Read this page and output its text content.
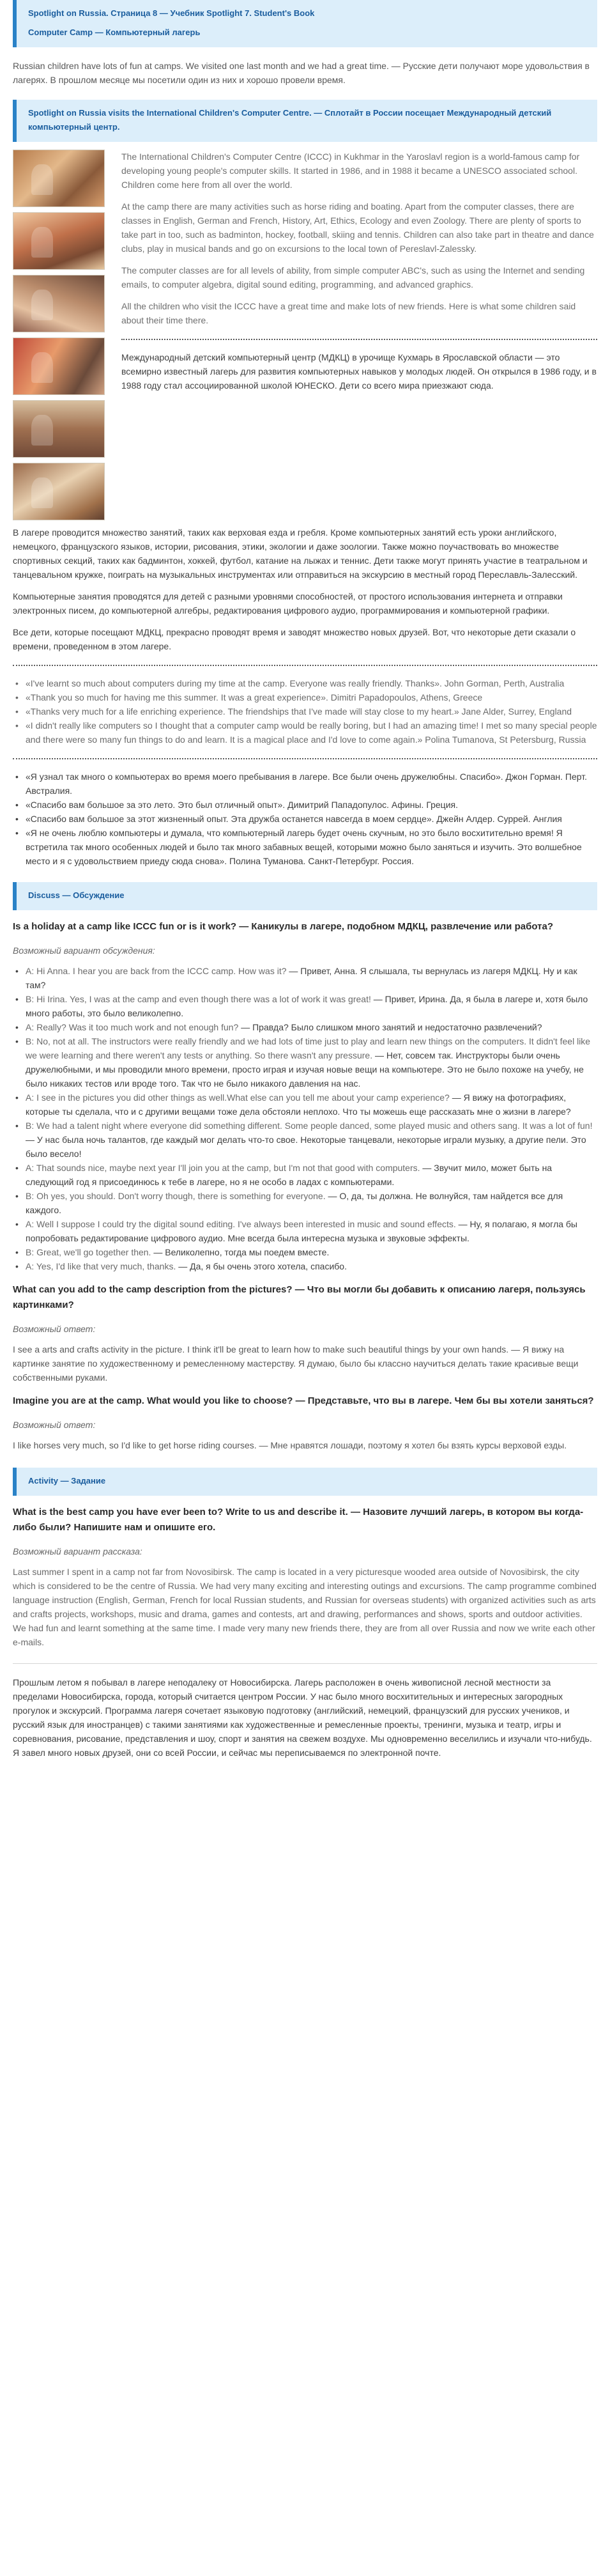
Spotlight on Russia. Страница 8 — Учебник Spotlight 7. Student's Book
Computer Camp — Компьютерный лагерь

Russian children have lots of fun at camps. We visited one last month and we had a great time. — Русские дети получают море удовольствия в лагерях. В прошлом месяце мы посетили один из них и хорошо провели время.

Spotlight on Russia visits the International Children's Computer Centre. — Сплотайт в России посещает Международный детский компьютерный центр.

The International Children's Computer Centre (ICCC) in Kukhmar in the Yaroslavl region is a world-famous camp for developing young people's computer skills. It started in 1986, and in 1988 it became a UNESCO associated school. Children come here from all over the world.

At the camp there are many activities such as horse riding and boating. Apart from the computer classes, there are classes in English, German and French, History, Art, Ethics, Ecology and even Zoology. There are plenty of sports to take part in too, such as badminton, hockey, football, skiing and tennis. Children can also take part in theatre and dance clubs, play in musical bands and go on excursions to the local town of Pereslavl-Zalessky.

The computer classes are for all levels of ability, from simple computer ABC's, such as using the Internet and sending emails, to computer algebra, digital sound editing, programming, and advanced graphics.

All the children who visit the ICCC have a great time and make lots of new friends. Here is what some children said about their time there.

Международный детский компьютерный центр (МДКЦ) в урочище Кухмарь в Ярославской области — это всемирно известный лагерь для развития компьютерных навыков у молодых людей. Он открылся в 1986 году, и в 1988 году стал ассоциированной школой ЮНЕСКО. Дети со всего мира приезжают сюда.

В лагере проводится множество занятий, таких как верховая езда и гребля. Кроме компьютерных занятий есть уроки английского, немецкого, французского языков, истории, рисования, этики, экологии и даже зоологии. Также можно поучаствовать во множестве спортивных секций, таких как бадминтон, хоккей, футбол, катание на лыжах и теннис. Дети также могут принять участие в театральном и танцевальном кружке, поиграть на музыкальных инструментах или отправиться на экскурсию в местный город Переславль-Залесский.

Компьютерные занятия проводятся для детей с разными уровнями способностей, от простого использования интернета и отправки электронных писем, до компьютерной алгебры, редактирования цифрового аудио, программирования и компьютерной графики.

Все дети, которые посещают МДКЦ, прекрасно проводят время и заводят множество новых друзей. Вот, что некоторые дети сказали о времени, проведенном в этом лагере.

• «I've learnt so much about computers during my time at the camp. Everyone was really friendly. Thanks». John Gorman, Perth, Australia
• «Thank you so much for having me this summer. It was a great experience». Dimitri Papadopoulos, Athens, Greece
• «Thanks very much for a life enriching experience. The friendships that I've made will stay close to my heart.» Jane Alder, Surrey, England
• «I didn't really like computers so I thought that a computer camp would be really boring, but I had an amazing time! I met so many special people and there were so many fun things to do and learn. It is a magical place and I'd love to come again.» Polina Tumanova, St Petersburg, Russia
• «Я узнал так много о компьютерах во время моего пребывания в лагере. Все были очень дружелюбны. Спасибо». Джон Горман. Перт. Австралия.
• «Спасибо вам большое за это лето. Это был отличный опыт». Димитрий Пападопулос. Афины. Греция.
• «Спасибо вам большое за этот жизненный опыт. Эта дружба останется навсегда в моем сердце». Джейн Алдер. Суррей. Англия
• «Я не очень люблю компьютеры и думала, что компьютерный лагерь будет очень скучным, но это было восхитительно время! Я встретила так много особенных людей и было так много забавных вещей, которыми можно было заняться и изучить. Это волшебное место и я с удовольствием приеду сюда снова». Полина Туманова. Санкт-Петербург. Россия.
Discuss — Обсуждение
Is a holiday at a camp like ICCC fun or is it work? — Каникулы в лагере, подобном МДКЦ, развлечение или работа?
Возможный вариант обсуждения:
• A: Hi Anna. I hear you are back from the ICCC camp. How was it? — Привет, Анна. Я слышала, ты вернулась из лагеря МДКЦ. Ну и как там?
• B: Hi Irina. Yes, I was at the camp and even though there was a lot of work it was great! — Привет, Ирина. Да, я была в лагере и, хотя было много работы, это было великолепно.
• A: Really? Was it too much work and not enough fun? — Правда? Было слишком много занятий и недостаточно развлечений?
• B: No, not at all. The instructors were really friendly and we had lots of time just to play and learn new things on the computers. It didn't feel like we were learning and there weren't any tests or anything. So there wasn't any pressure. — Нет, совсем так. Инструкторы были очень дружелюбными, и мы проводили много времени, просто играя и изучая новые вещи на компьютере. Это не было похоже на учебу, не было никаких тестов или вроде того. Так что не было никакого давления на нас.
• A: I see in the pictures you did other things as well.What else can you tell me about your camp experience? — Я вижу на фотографиях, которые ты сделала, что и с другими вещами тоже дела обстояли неплохо. Что ты можешь еще рассказать мне о жизни в лагере?
• B: We had a talent night where everyone did something different. Some people danced, some played music and others sang. It was a lot of fun! — У нас была ночь талантов, где каждый мог делать что-то свое. Некоторые танцевали, некоторые играли музыку, а другие пели. Это было весело!
• A: That sounds nice, maybe next year I'll join you at the camp, but I'm not that good with computers. — Звучит мило, может быть на следующий год я присоединюсь к тебе в лагере, но я не особо в ладах с компьютерами.
• B: Oh yes, you should. Don't worry though, there is something for everyone. — О, да, ты должна. Не волнуйся, там найдется все для каждого.
• A: Well I suppose I could try the digital sound editing. I've always been interested in music and sound effects. — Ну, я полагаю, я могла бы попробовать редактирование цифрового аудио. Мне всегда была интересна музыка и звуковые эффекты.
• B: Great, we'll go together then. — Великолепно, тогда мы поедем вместе.
• A: Yes, I'd like that very much, thanks. — Да, я бы очень этого хотела, спасибо.
What can you add to the camp description from the pictures? — Что вы могли бы добавить к описанию лагеря, пользуясь картинками?
Возможный ответ:

I see a arts and crafts activity in the picture. I think it'll be great to learn how to make such beautiful things by your own hands. — Я вижу на картинке занятие по художественному и ремесленному мастерству. Я думаю, было бы классно научиться делать такие красивые вещи собственными руками.

Imagine you are at the camp. What would you like to choose? — Представьте, что вы в лагере. Чем бы вы хотели заняться?
Возможный ответ:

I like horses very much, so I'd like to get horse riding courses. — Мне нравятся лошади, поэтому я хотел бы взять курсы верховой езды.

Activity — Задание
What is the best camp you have ever been to? Write to us and describe it. — Назовите лучший лагерь, в котором вы когда-либо были? Напишите нам и опишите его.
Возможный вариант рассказа:

Last summer I spent in a camp not far from Novosibirsk. The camp is located in a very picturesque wooded area outside of Novosibirsk, the city which is considered to be the centre of Russia. We had very many exciting and interesting outings and excursions. The camp programme combined language instruction (English, German, French for local Russian students, and Russian for overseas students) with organized activities such as arts and crafts projects, workshops, music and drama, games and contests, art and drawing, performances and shows, sports and outdoor activities. We had fun and learnt something at the same time. I made very many new friends there, they are from all over Russia and now we write each other e-mails.

Прошлым летом я побывал в лагере неподалеку от Новосибирска. Лагерь расположен в очень живописной лесной местности за пределами Новосибирска, города, который считается центром России. У нас было много восхитительных и интересных загородных прогулок и экскурсий. Программа лагеря сочетает языковую подготовку (английский, немецкий, французский для русских учеников, и русский язык для иностранцев) с такими занятиями как художественные и ремесленные проекты, тренинги, музыка и театр, игры и соревнования, рисование, представления и шоу, спорт и занятия на свежем воздухе. Мы одновременно веселились и изучали что-нибудь. Я завел много новых друзей, они со всей России, и сейчас мы переписываемся по электронной почте.
